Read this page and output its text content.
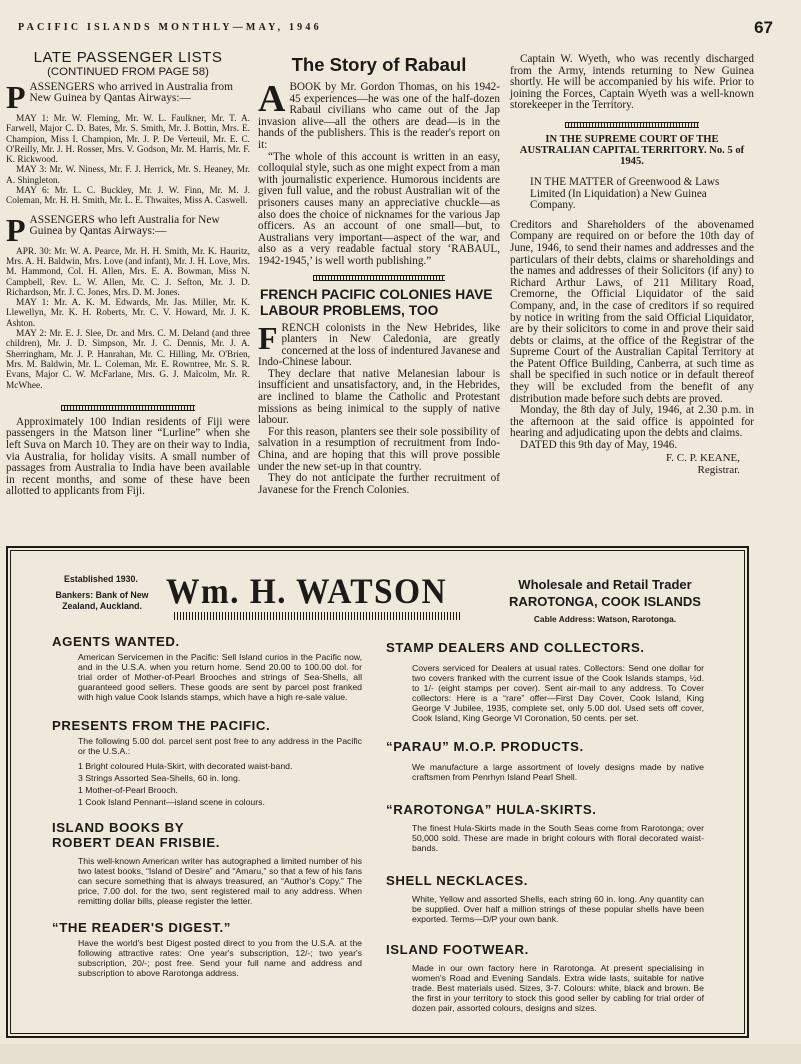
PACIFIC ISLANDS MONTHLY—MAY, 1946	67
LATE PASSENGER LISTS
(CONTINUED FROM PAGE 58)
PASSENGERS who arrived in Australia from New Guinea by Qantas Airways:—
MAY 1: Mr. W. Fleming, Mr. W. L. Faulkner, Mr. T. A. Farwell, Major C. D. Bates, Mr. S. Smith, Mr. J. Bottin, Mrs. E. Champion, Miss I. Champion, Mr. J. P. De Verteuil, Mr. E. C. O'Reilly, Mr. J. H. Rosser, Mrs. V. Godson, Mr. M. Harris, Mr. F. K. Rickwood.
MAY 3: Mr. W. Niness, Mr. F. J. Herrick, Mr. S. Heaney, Mr. A. Shingleton.
MAY 6: Mr. L. C. Buckley, Mr. J. W. Finn, Mr. M. J. Coleman, Mr. H. H. Smith, Mr. L. E. Thwaites, Miss A. Caswell.
PASSENGERS who left Australia for New Guinea by Qantas Airways:—
APR. 30: Mr. W. A. Pearce, Mr. H. H. Smith, Mr. K. Hauritz, Mrs. A. H. Baldwin, Mrs. Love (and infant), Mr. J. H. Love, Mrs. M. Hammond, Col. H. Allen, Mrs. E. A. Bowman, Miss N. Campbell, Rev. L. W. Allen, Mr. C. J. Sefton, Mr. J. D. Richardson, Mr. J. C. Jones, Mrs. D. M. Jones.
MAY 1: Mr. A. K. M. Edwards, Mr. Jas. Miller, Mr. K. Llewellyn, Mr. K. H. Roberts, Mr. C. V. Howard, Mr. J. K. Ashton.
MAY 2: Mr. E. J. Slee, Dr. and Mrs. C. M. Deland (and three children), Mr. J. D. Simpson, Mr. J. C. Dennis, Mr. J. A. Sherringham, Mr. J. P. Hanrahan, Mr. C. Hilling, Mr. O'Brien, Mrs. M. Baldwin, Mr. L. Coleman, Mr. E. Rowntree, Mr. S. R. Evans, Major C. W. McFarlane, Mrs. G. J. Malcolm, Mr. R. McWhee.
Approximately 100 Indian residents of Fiji were passengers in the Matson liner “Lurline” when she left Suva on March 10. They are on their way to India, via Australia, for holiday visits. A small number of passages from Australia to India have been available in recent months, and some of these have been allotted to applicants from Fiji.
The Story of Rabaul
A BOOK by Mr. Gordon Thomas, on his 1942-45 experiences—he was one of the half-dozen Rabaul civilians who came out of the Jap invasion alive—all the others are dead—is in the hands of the publishers. This is the reader's report on it:
“The whole of this account is written in an easy, colloquial style, such as one might expect from a man with journalistic experience. Humorous incidents are given full value, and the robust Australian wit of the prisoners causes many an appreciative chuckle—as also does the choice of nicknames for the various Jap officers. As an account of one small—but, to Australians very important—aspect of the war, and also as a very readable factual story ‘RABAUL, 1942-1945,’ is well worth publishing.”
FRENCH PACIFIC COLONIES HAVE LABOUR PROBLEMS, TOO
FRENCH colonists in the New Hebrides, like planters in New Caledonia, are greatly concerned at the loss of indentured Javanese and Indo-Chinese labour.
They declare that native Melanesian labour is insufficient and unsatisfactory, and, in the Hebrides, are inclined to blame the Catholic and Protestant missions as being inimical to the supply of native labour.
For this reason, planters see their sole possibility of salvation in a resumption of recruitment from Indo-China, and are hoping that this will prove possible under the new set-up in that country.
They do not anticipate the further recruitment of Javanese for the French Colonies.
Captain W. Wyeth, who was recently discharged from the Army, intends returning to New Guinea shortly. He will be accompanied by his wife. Prior to joining the Forces, Captain Wyeth was a well-known storekeeper in the Territory.
IN THE SUPREME COURT OF THE AUSTRALIAN CAPITAL TERRITORY. No. 5 of 1945.
IN THE MATTER of Greenwood & Laws Limited (In Liquidation) a New Guinea Company.
Creditors and Shareholders of the abovenamed Company are required on or before the 10th day of June, 1946, to send their names and addresses and the particulars of their debts, claims or shareholdings and the names and addresses of their Solicitors (if any) to Richard Arthur Laws, of 211 Military Road, Cremorne, the Official Liquidator of the said Company, and, in the case of creditors if so required by notice in writing from the said Official Liquidator, are by their solicitors to come in and prove their said debts or claims, at the office of the Registrar of the Supreme Court of the Australian Capital Territory at the Patent Office Building, Canberra, at such time as shall be specified in such notice or in default thereof they will be excluded from the benefit of any distribution made before such debts are proved.
Monday, the 8th day of July, 1946, at 2.30 p.m. in the afternoon at the said office is appointed for hearing and adjudicating upon the debts and claims.
DATED this 9th day of May, 1946.
F. C. P. KEANE,
Registrar.
Established 1930.
Bankers: Bank of New Zealand, Auckland. Wm. H. WATSON	Wholesale and Retail Trader
RAROTONGA, COOK ISLANDS
Cable Address: Watson, Rarotonga.
AGENTS WANTED.
American Servicemen in the Pacific: Sell Island curios in the Pacific now, and in the U.S.A. when you return home. Send 20.00 to 100.00 dol. for trial order of Mother-of-Pearl Brooches and strings of Sea-Shells, all guaranteed good sellers. These goods are sent by parcel post franked with high value Cook Islands stamps, which have a high re-sale value.
PRESENTS FROM THE PACIFIC.
The following 5.00 dol. parcel sent post free to any address in the Pacific or the U.S.A.:
1 Bright coloured Hula-Skirt, with decorated waist-band.
3 Strings Assorted Sea-Shells, 60 in. long.
1 Mother-of-Pearl Brooch.
1 Cook Island Pennant—island scene in colours.
ISLAND BOOKS BY
ROBERT DEAN FRISBIE.
This well-known American writer has autographed a limited number of his two latest books, “Island of Desire” and “Amaru,” so that a few of his fans can secure something that is always treasured, an “Author's Copy.” The price, 7.00 dol. for the two, sent registered mail to any address. When remitting dollar bills, please register the letter.
“THE READER'S DIGEST.”
Have the world's best Digest posted direct to you from the U.S.A. at the following attractive rates: One year's subscription, 12/-; two year's subscription, 20/-; post free. Send your full name and address and subscription to above Rarotonga address.
STAMP DEALERS AND COLLECTORS.
Covers serviced for Dealers at usual rates. Collectors: Send one dollar for two covers franked with the current issue of the Cook Islands stamps, ½d. to 1/- (eight stamps per cover). Sent air-mail to any address. To Cover collectors: Here is a “rare” offer—First Day Cover, Cook Island, King George V Jubilee, 1935, complete set, only 5.00 dol. Used sets off cover, Cook Island, King George VI Coronation, 50 cents. per set.
“PARAU” M.O.P. PRODUCTS.
We manufacture a large assortment of lovely designs made by native craftsmen from Penrhyn Island Pearl Shell.
“RAROTONGA” HULA-SKIRTS.
The finest Hula-Skirts made in the South Seas come from Rarotonga; over 50,000 sold. These are made in bright colours with floral decorated waist-bands.
SHELL NECKLACES.
White, Yellow and assorted Shells, each string 60 in. long. Any quantity can be supplied. Over half a million strings of these popular shells have been exported. Terms—D/P your own bank.
ISLAND FOOTWEAR.
Made in our own factory here in Rarotonga. At present specialising in women's Road and Evening Sandals. Extra wide lasts, suitable for native trade. Best materials used. Sizes, 3-7. Colours: white, black and brown. Be the first in your territory to stock this good seller by cabling for trial order of dozen pair, assorted colours, designs and sizes.
